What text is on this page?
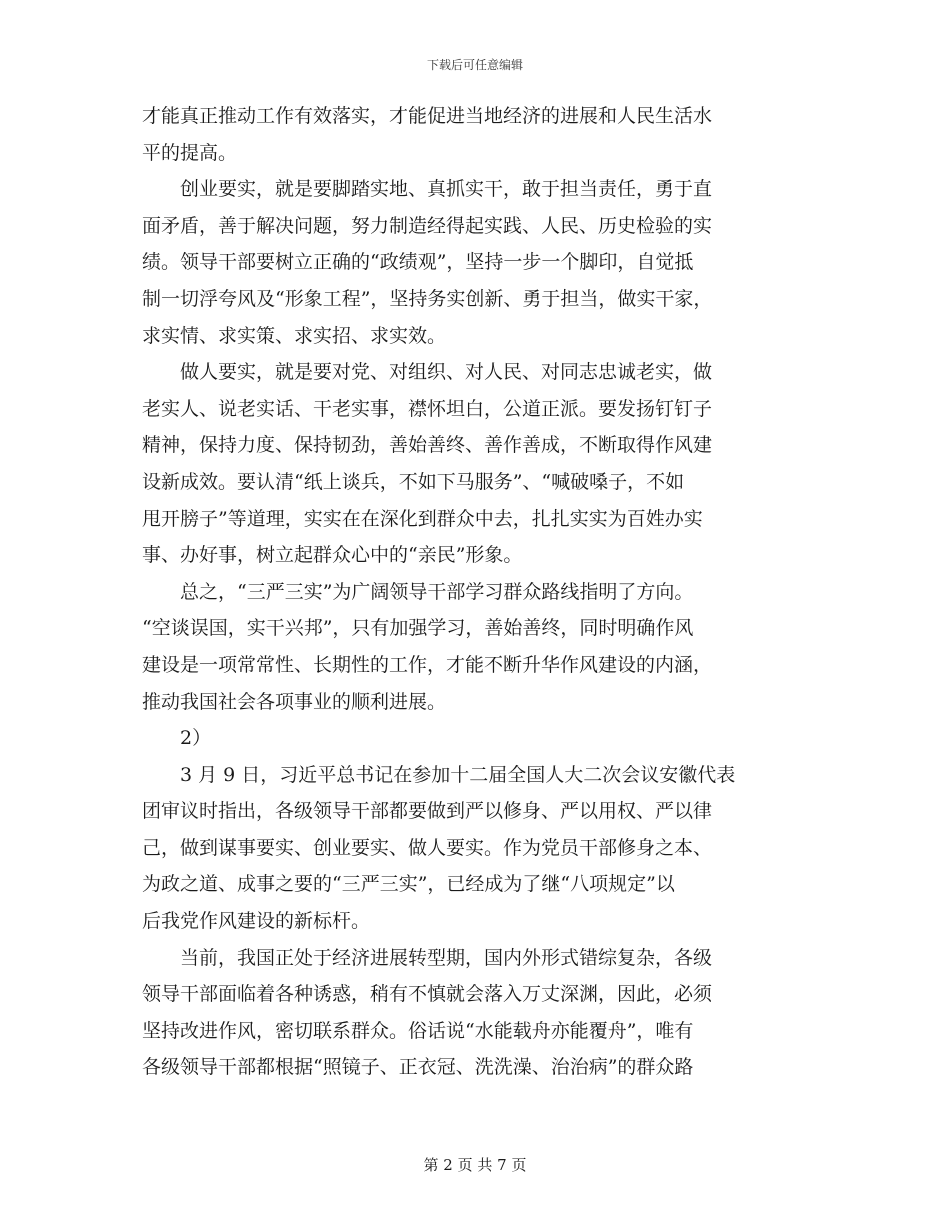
下载后可任意编辑
才能真正推动工作有效落实，才能促进当地经济的进展和人民生活水
平的提高。
创业要实，就是要脚踏实地、真抓实干，敢于担当责任，勇于直
面矛盾，善于解决问题，努力制造经得起实践、人民、历史检验的实
绩。领导干部要树立正确的“政绩观”，坚持一步一个脚印，自觉抵
制一切浮夸风及“形象工程”，坚持务实创新、勇于担当，做实干家，
求实情、求实策、求实招、求实效。
做人要实，就是要对党、对组织、对人民、对同志忠诚老实，做
老实人、说老实话、干老实事，襟怀坦白，公道正派。要发扬钉钉子
精神，保持力度、保持韧劲，善始善终、善作善成，不断取得作风建
设新成效。要认清“纸上谈兵，不如下马服务”、“喊破嗓子，不如
甩开膀子”等道理，实实在在深化到群众中去，扎扎实实为百姓办实
事、办好事，树立起群众心中的“亲民”形象。
总之，“三严三实”为广阔领导干部学习群众路线指明了方向。
“空谈误国，实干兴邦”，只有加强学习，善始善终，同时明确作风
建设是一项常常性、长期性的工作，才能不断升华作风建设的内涵，
推动我国社会各项事业的顺利进展。
2）
3 月 9 日，习近平总书记在参加十二届全国人大二次会议安徽代表
团审议时指出，各级领导干部都要做到严以修身、严以用权、严以律
己，做到谋事要实、创业要实、做人要实。作为党员干部修身之本、
为政之道、成事之要的“三严三实”，已经成为了继“八项规定”以
后我党作风建设的新标杆。
当前，我国正处于经济进展转型期，国内外形式错综复杂，各级
领导干部面临着各种诱惑，稍有不慎就会落入万丈深渊，因此，必须
坚持改进作风，密切联系群众。俗话说“水能载舟亦能覆舟”，唯有
各级领导干部都根据“照镜子、正衣冠、洗洗澡、治治病”的群众路
第 2 页 共 7 页
